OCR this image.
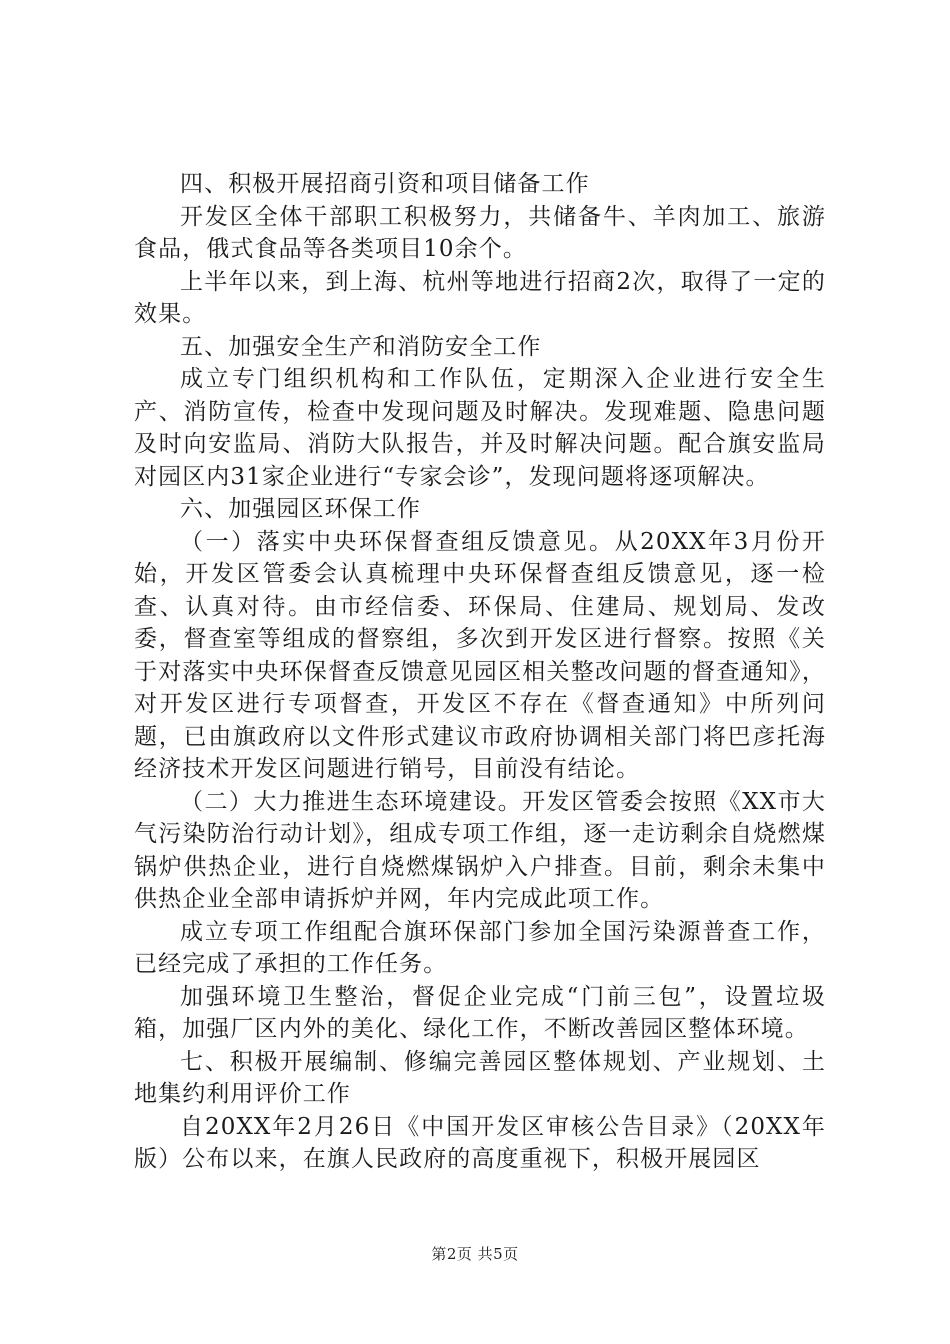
四、积极开展招商引资和项目储备工作

开发区全体干部职工积极努力，共储备牛、羊肉加工、旅游食品，俄式食品等各类项目10余个。

上半年以来，到上海、杭州等地进行招商2次，取得了一定的效果。

五、加强安全生产和消防安全工作

成立专门组织机构和工作队伍，定期深入企业进行安全生产、消防宣传，检查中发现问题及时解决。发现难题、隐患问题及时向安监局、消防大队报告，并及时解决问题。配合旗安监局对园区内31家企业进行“专家会诊”，发现问题将逐项解决。

六、加强园区环保工作

（一）落实中央环保督查组反馈意见。从20XX年3月份开始，开发区管委会认真梳理中央环保督查组反馈意见，逐一检查、认真对待。由市经信委、环保局、住建局、规划局、发改委，督查室等组成的督察组，多次到开发区进行督察。按照《关于对落实中央环保督查反馈意见园区相关整改问题的督查通知》，对开发区进行专项督查，开发区不存在《督查通知》中所列问题，已由旗政府以文件形式建议市政府协调相关部门将巴彦托海经济技术开发区问题进行销号，目前没有结论。

（二）大力推进生态环境建设。开发区管委会按照《XX市大气污染防治行动计划》，组成专项工作组，逐一走访剩余自烧燃煤锅炉供热企业，进行自烧燃煤锅炉入户排查。目前，剩余未集中供热企业全部申请拆炉并网，年内完成此项工作。

成立专项工作组配合旗环保部门参加全国污染源普查工作，已经完成了承担的工作任务。

加强环境卫生整治，督促企业完成“门前三包”，设置垃圾箱，加强厂区内外的美化、绿化工作，不断改善园区整体环境。

七、积极开展编制、修编完善园区整体规划、产业规划、土地集约利用评价工作

自20XX年2月26日《中国开发区审核公告目录》（20XX年版）公布以来，在旗人民政府的高度重视下，积极开展园区

第2页 共5页
